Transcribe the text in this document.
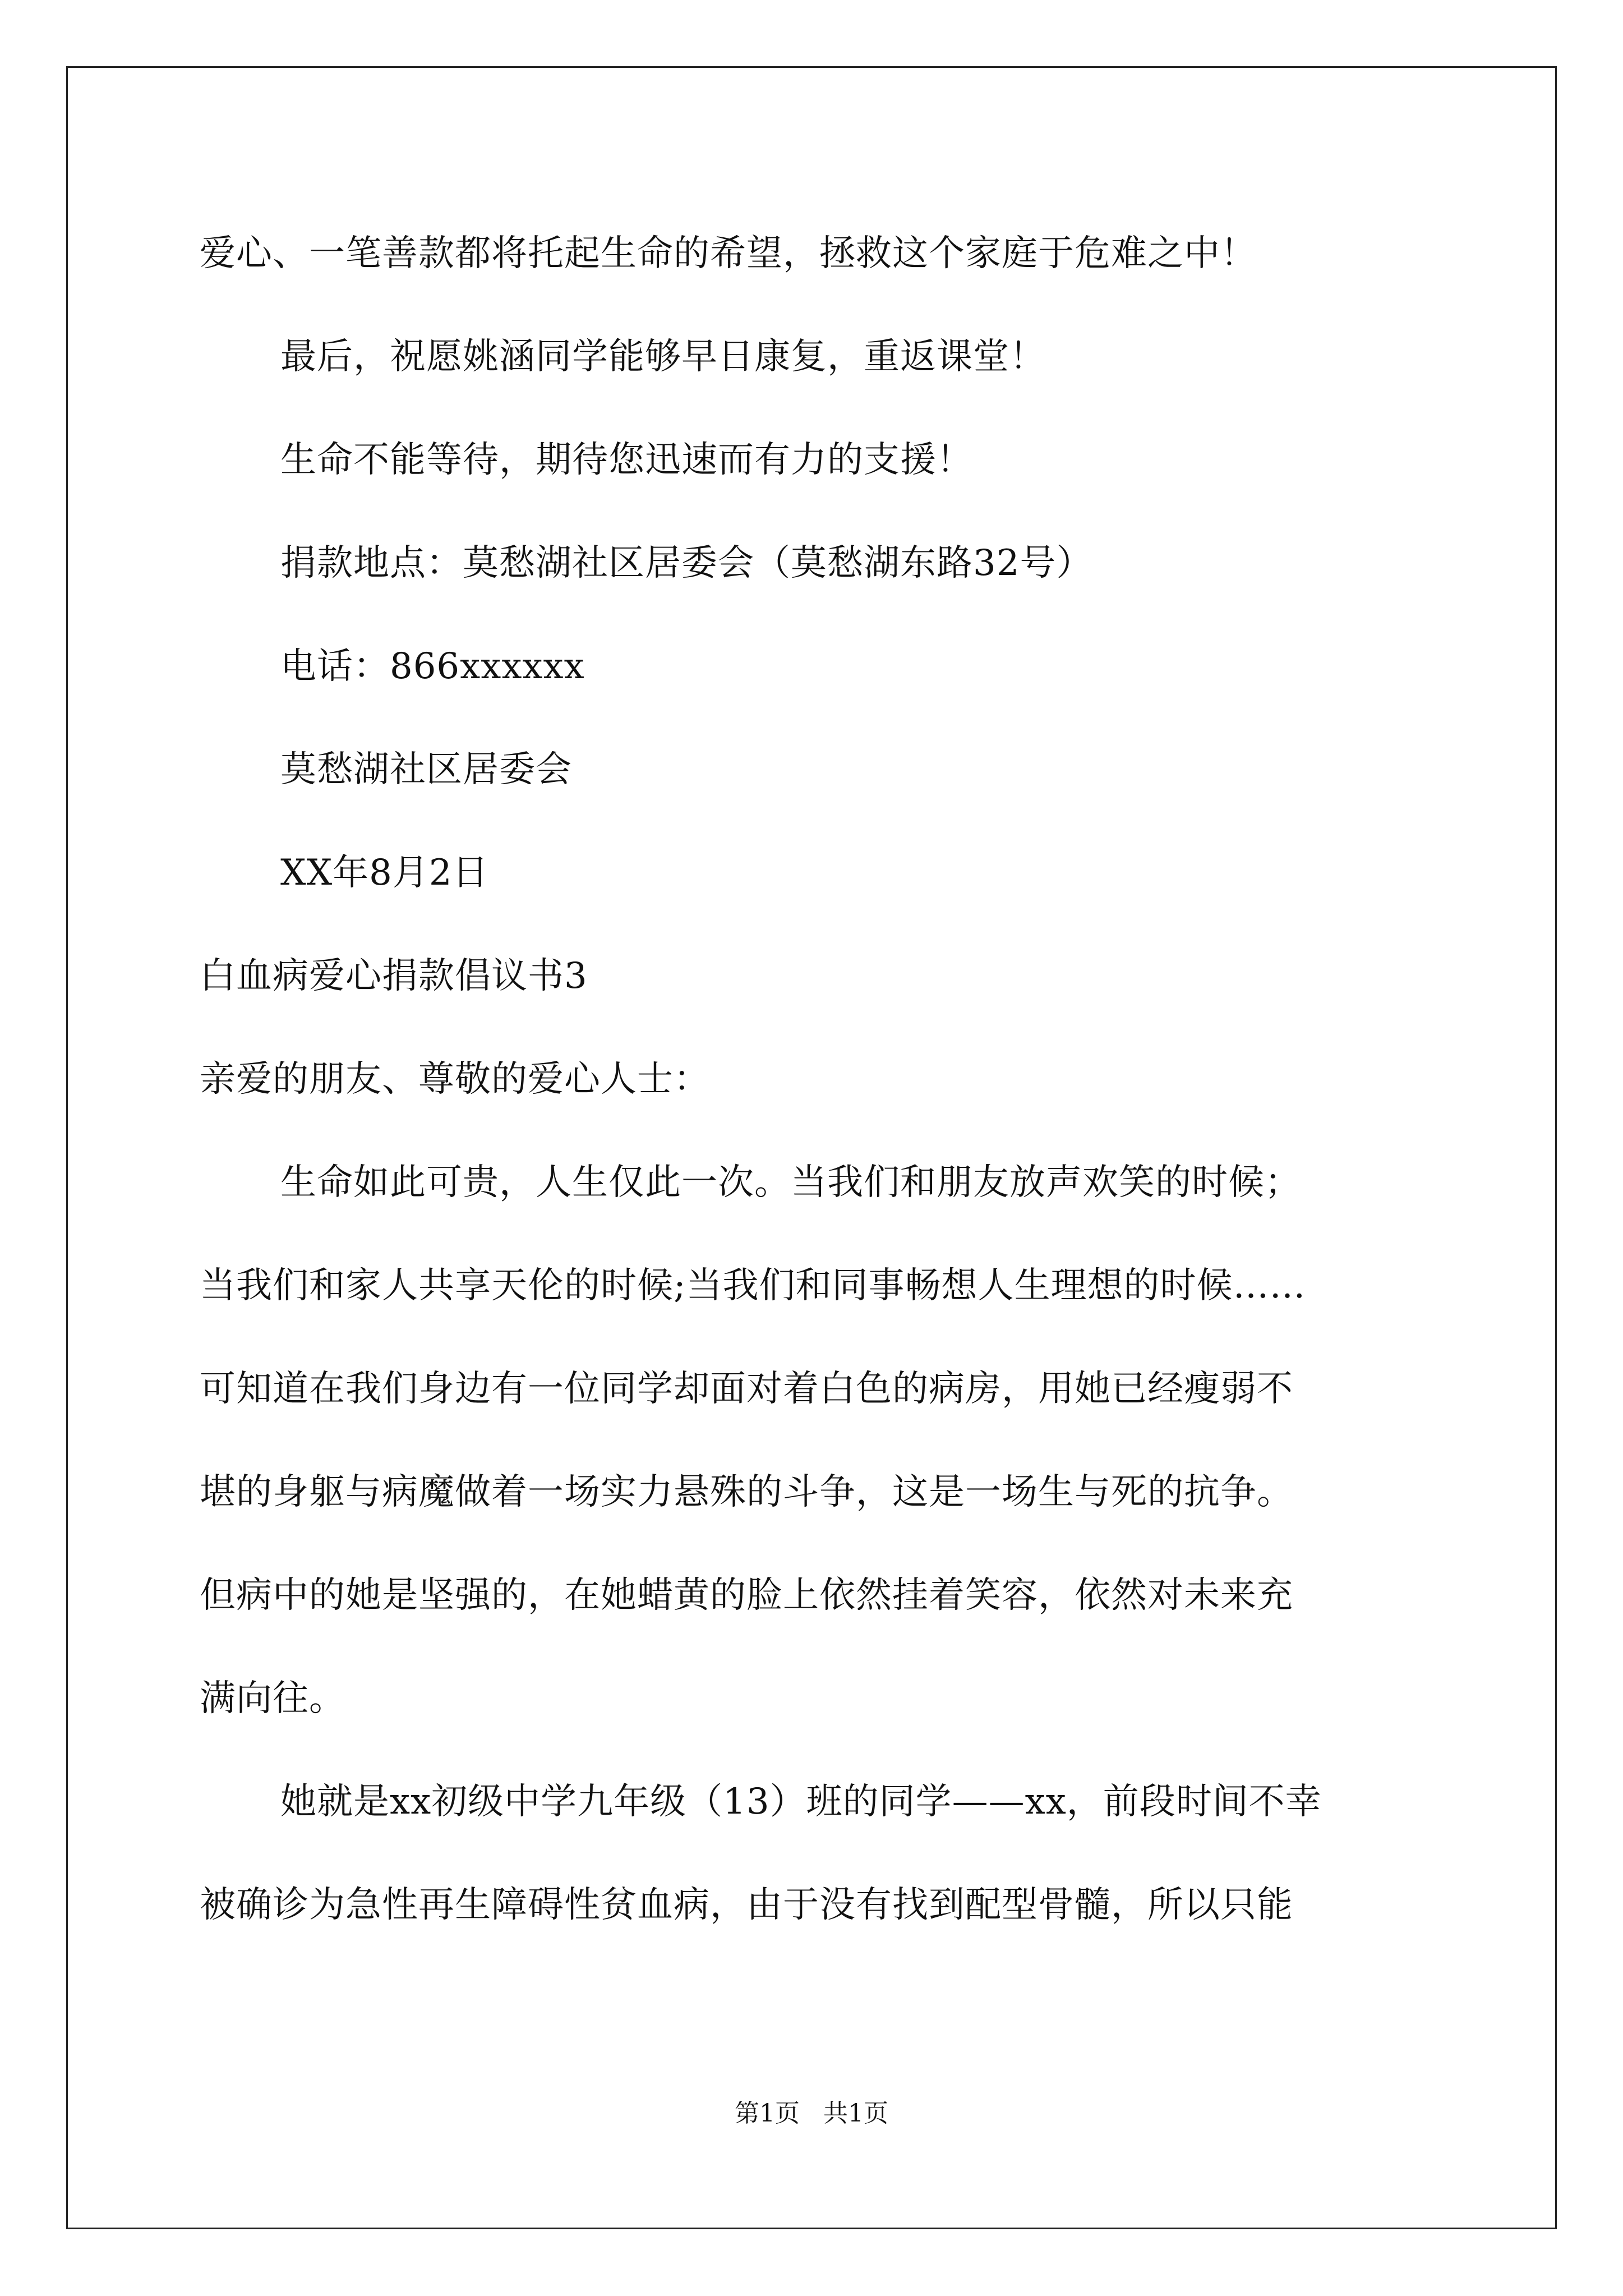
爱心、一笔善款都将托起生命的希望，拯救这个家庭于危难之中！
最后，祝愿姚涵同学能够早日康复，重返课堂！
生命不能等待，期待您迅速而有力的支援！
捐款地点：莫愁湖社区居委会（莫愁湖东路32号）
电话：866xxxxxx
莫愁湖社区居委会
XX年8月2日
白血病爱心捐款倡议书3
亲爱的朋友、尊敬的爱心人士：
生命如此可贵，人生仅此一次。当我们和朋友放声欢笑的时候；
当我们和家人共享天伦的时候;当我们和同事畅想人生理想的时候……
可知道在我们身边有一位同学却面对着白色的病房，用她已经瘦弱不
堪的身躯与病魔做着一场实力悬殊的斗争，这是一场生与死的抗争。
但病中的她是坚强的，在她蜡黄的脸上依然挂着笑容，依然对未来充
满向往。
她就是xx初级中学九年级（13）班的同学——xx，前段时间不幸
被确诊为急性再生障碍性贫血病，由于没有找到配型骨髓，所以只能
第1页   共1页
